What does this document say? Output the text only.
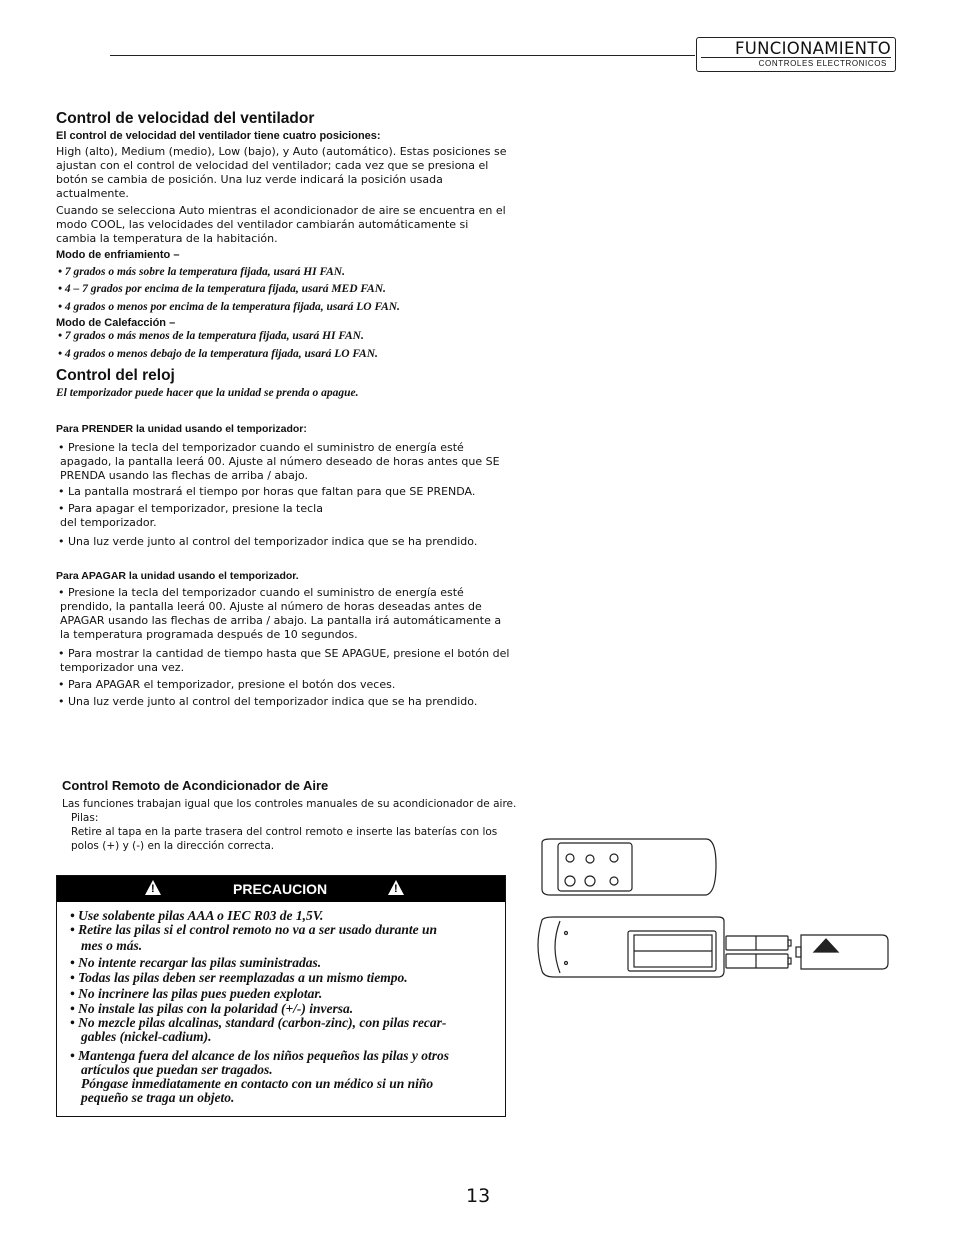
FUNCIONAMIENTO
CONTROLES ELECTRONICOS
Control de velocidad del ventilador
El control de velocidad del ventilador tiene cuatro posiciones:
High (alto), Medium (medio), Low (bajo), y Auto (automático). Estas posiciones se
ajustan con el control de velocidad del ventilador; cada vez que se presiona el
botón se cambia de posición. Una luz verde indicará la posición usada
actualmente.
Cuando se selecciona Auto mientras el acondicionador de aire se encuentra en el
modo COOL, las velocidades del ventilador cambiarán automáticamente si
cambia la temperatura de la habitación.
Modo de enfriamiento –
• 7 grados o más sobre la temperatura fijada, usará HI FAN.
• 4 – 7 grados por encima de la temperatura fijada, usará MED FAN.
• 4 grados o menos por encima de la temperatura fijada, usará LO FAN.
Modo de Calefacción –
• 7 grados o más menos de la temperatura fijada, usará HI FAN.
• 4 grados o menos debajo de la temperatura fijada, usará LO FAN.
Control del reloj
El temporizador puede hacer que la unidad se prenda o apague.
Para PRENDER la unidad usando el temporizador:
• Presione la tecla del temporizador cuando el suministro de energía esté
apagado, la pantalla leerá 00. Ajuste al número deseado de horas antes que SE
PRENDA usando las flechas de arriba / abajo.
• La pantalla mostrará el tiempo por horas que faltan para que SE PRENDA.
• Para apagar el temporizador, presione la tecla
del temporizador.
• Una luz verde junto al control del temporizador indica que se ha prendido.
Para APAGAR la unidad usando el temporizador.
• Presione la tecla del temporizador cuando el suministro de energía esté
prendido, la pantalla leerá 00. Ajuste al número de horas deseadas antes de
APAGAR usando las flechas de arriba / abajo. La pantalla irá automáticamente a
la temperatura programada después de 10 segundos.
• Para mostrar la cantidad de tiempo hasta que SE APAGUE, presione el botón del
temporizador una vez.
• Para APAGAR el temporizador, presione el botón dos veces.
• Una luz verde junto al control del temporizador indica que se ha prendido.
Control Remoto de Acondicionador de Aire
Las funciones trabajan igual que los controles manuales de su acondicionador de aire.
Pilas:
Retire al tapa en la parte trasera del control remoto e inserte las baterías con los
polos (+) y (-) en la dirección correcta.
!	PRECAUCION	!
• Use solabente pilas AAA o IEC R03 de 1,5V.
• Retire las pilas si el control remoto no va a ser usado durante un
mes o más.
• No intente recargar las pilas suministradas.
• Todas las pilas deben ser reemplazadas a un mismo tiempo.
• No incrinere las pilas pues pueden explotar.
• No instale las pilas con la polaridad (+/-) inversa.
• No mezcle pilas alcalinas, standard (carbon-zinc), con pilas recar-
gables (nickel-cadium).
• Mantenga fuera del alcance de los niños pequeños las pilas y otros
artículos que puedan ser tragados.
Póngase inmediatamente en contacto con un médico si un niño
pequeño se traga un objeto.
13
